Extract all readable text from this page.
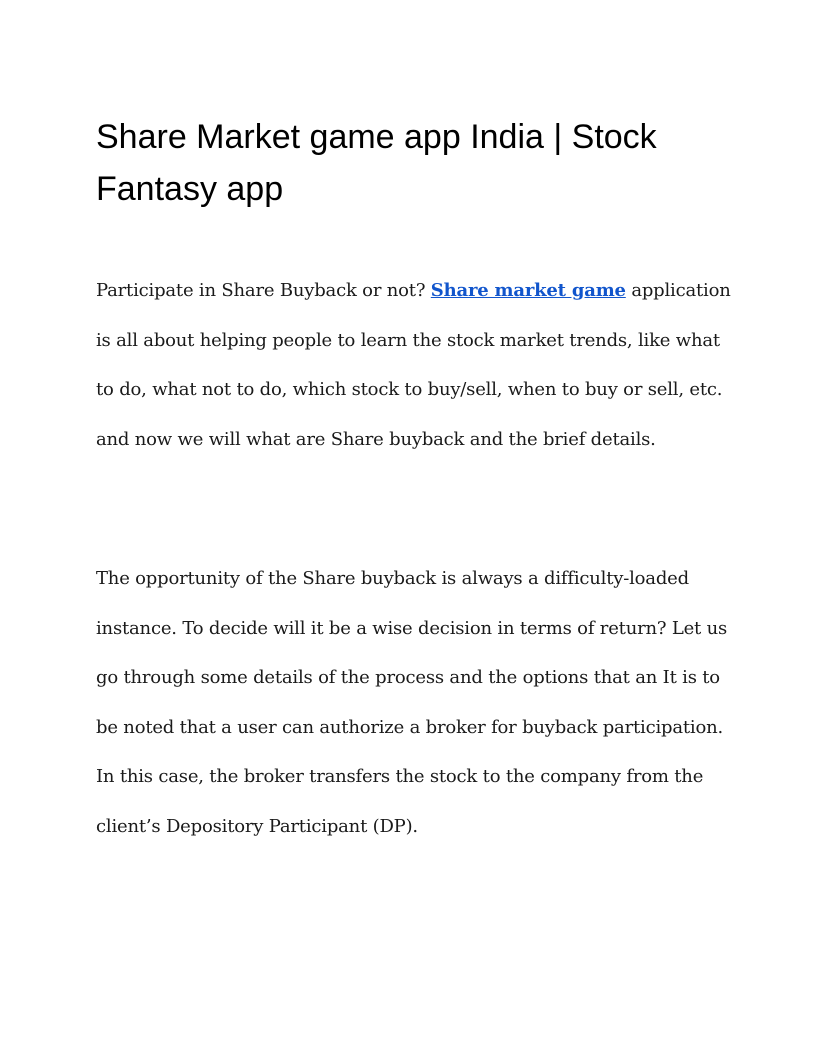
Share Market game app India | Stock Fantasy app

Participate in Share Buyback or not? Share market game application is all about helping people to learn the stock market trends, like what to do, what not to do, which stock to buy/sell, when to buy or sell, etc. and now we will what are Share buyback and the brief details.

The opportunity of the Share buyback is always a difficulty-loaded instance. To decide will it be a wise decision in terms of return? Let us go through some details of the process and the options that an It is to be noted that a user can authorize a broker for buyback participation. In this case, the broker transfers the stock to the company from the client’s Depository Participant (DP).
